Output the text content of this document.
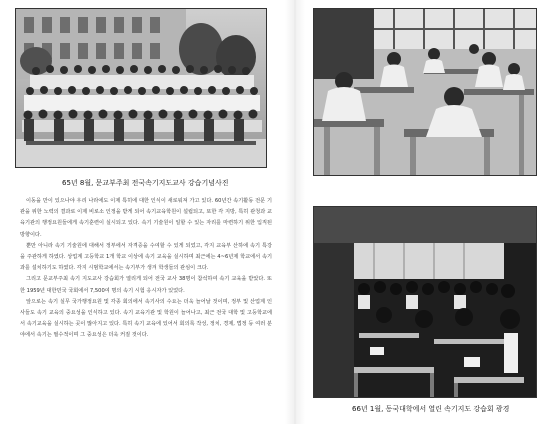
65년 8월, 문교부주최 전국속기지도교사 강습기념사진

이동을 만이 있으나야 우리 나라에도 이제 특히에 대한 인식이 새로워져 가고 있다. 60년간 속기활동 전문 기관을 위한 노력의 결과로 이제 비로소 인정을 받게 되어 속기교육학원이 설립되고, 또한 각 지방, 특히 관청과 교육기관의 행정요원들에게 속기훈련이 실시되고 있다. 속기 기술원이 일할 수 있는 자리를 마련하기 위한 입직된 방향이다.

뿐만 아니라 속기 기술원에 대해서 정부에서 자격증을 수여할 수 있게 되었고, 각지 교육부 산하에 속기 특강을 주관하게 하였다. 상업계 고등학교 1개 학교 이상에 속기 교육을 실시하며 최근에는 4~6년제 학교에서 속기과를 설치하기도 하였다. 각지 시범학교에서는 속기부가 생겨 학생들의 관심이 크다.

그리고 문교부주최 속기 지도교사 강습회가 열리게 되어 전국 교사 38명이 참석하여 속기 교육을 받았다. 또한 1959년 대한민국 국회에서 7,500여 명의 속기 시험 응시자가 있었다.

앞으로는 속기 실무 국가행정요원 및 각종 회의에서 속기사의 수요는 더욱 늘어날 것이며, 정부 및 산업계 인사들도 속기 교육의 중요성을 인식하고 있다. 속기 교육기관 및 학원이 늘어나고, 최근 전국 대학 및 고등학교에서 속기교육을 실시하는 곳이 많아지고 있다. 특히 속기 교육에 있어서 회의록 작성, 정치, 경제, 법정 등 여러 분야에서 속기는 필수적이며 그 중요성은 더욱 커질 것이다.

66년 1월, 동국대학에서 열린 속기지도 강습회 광경
